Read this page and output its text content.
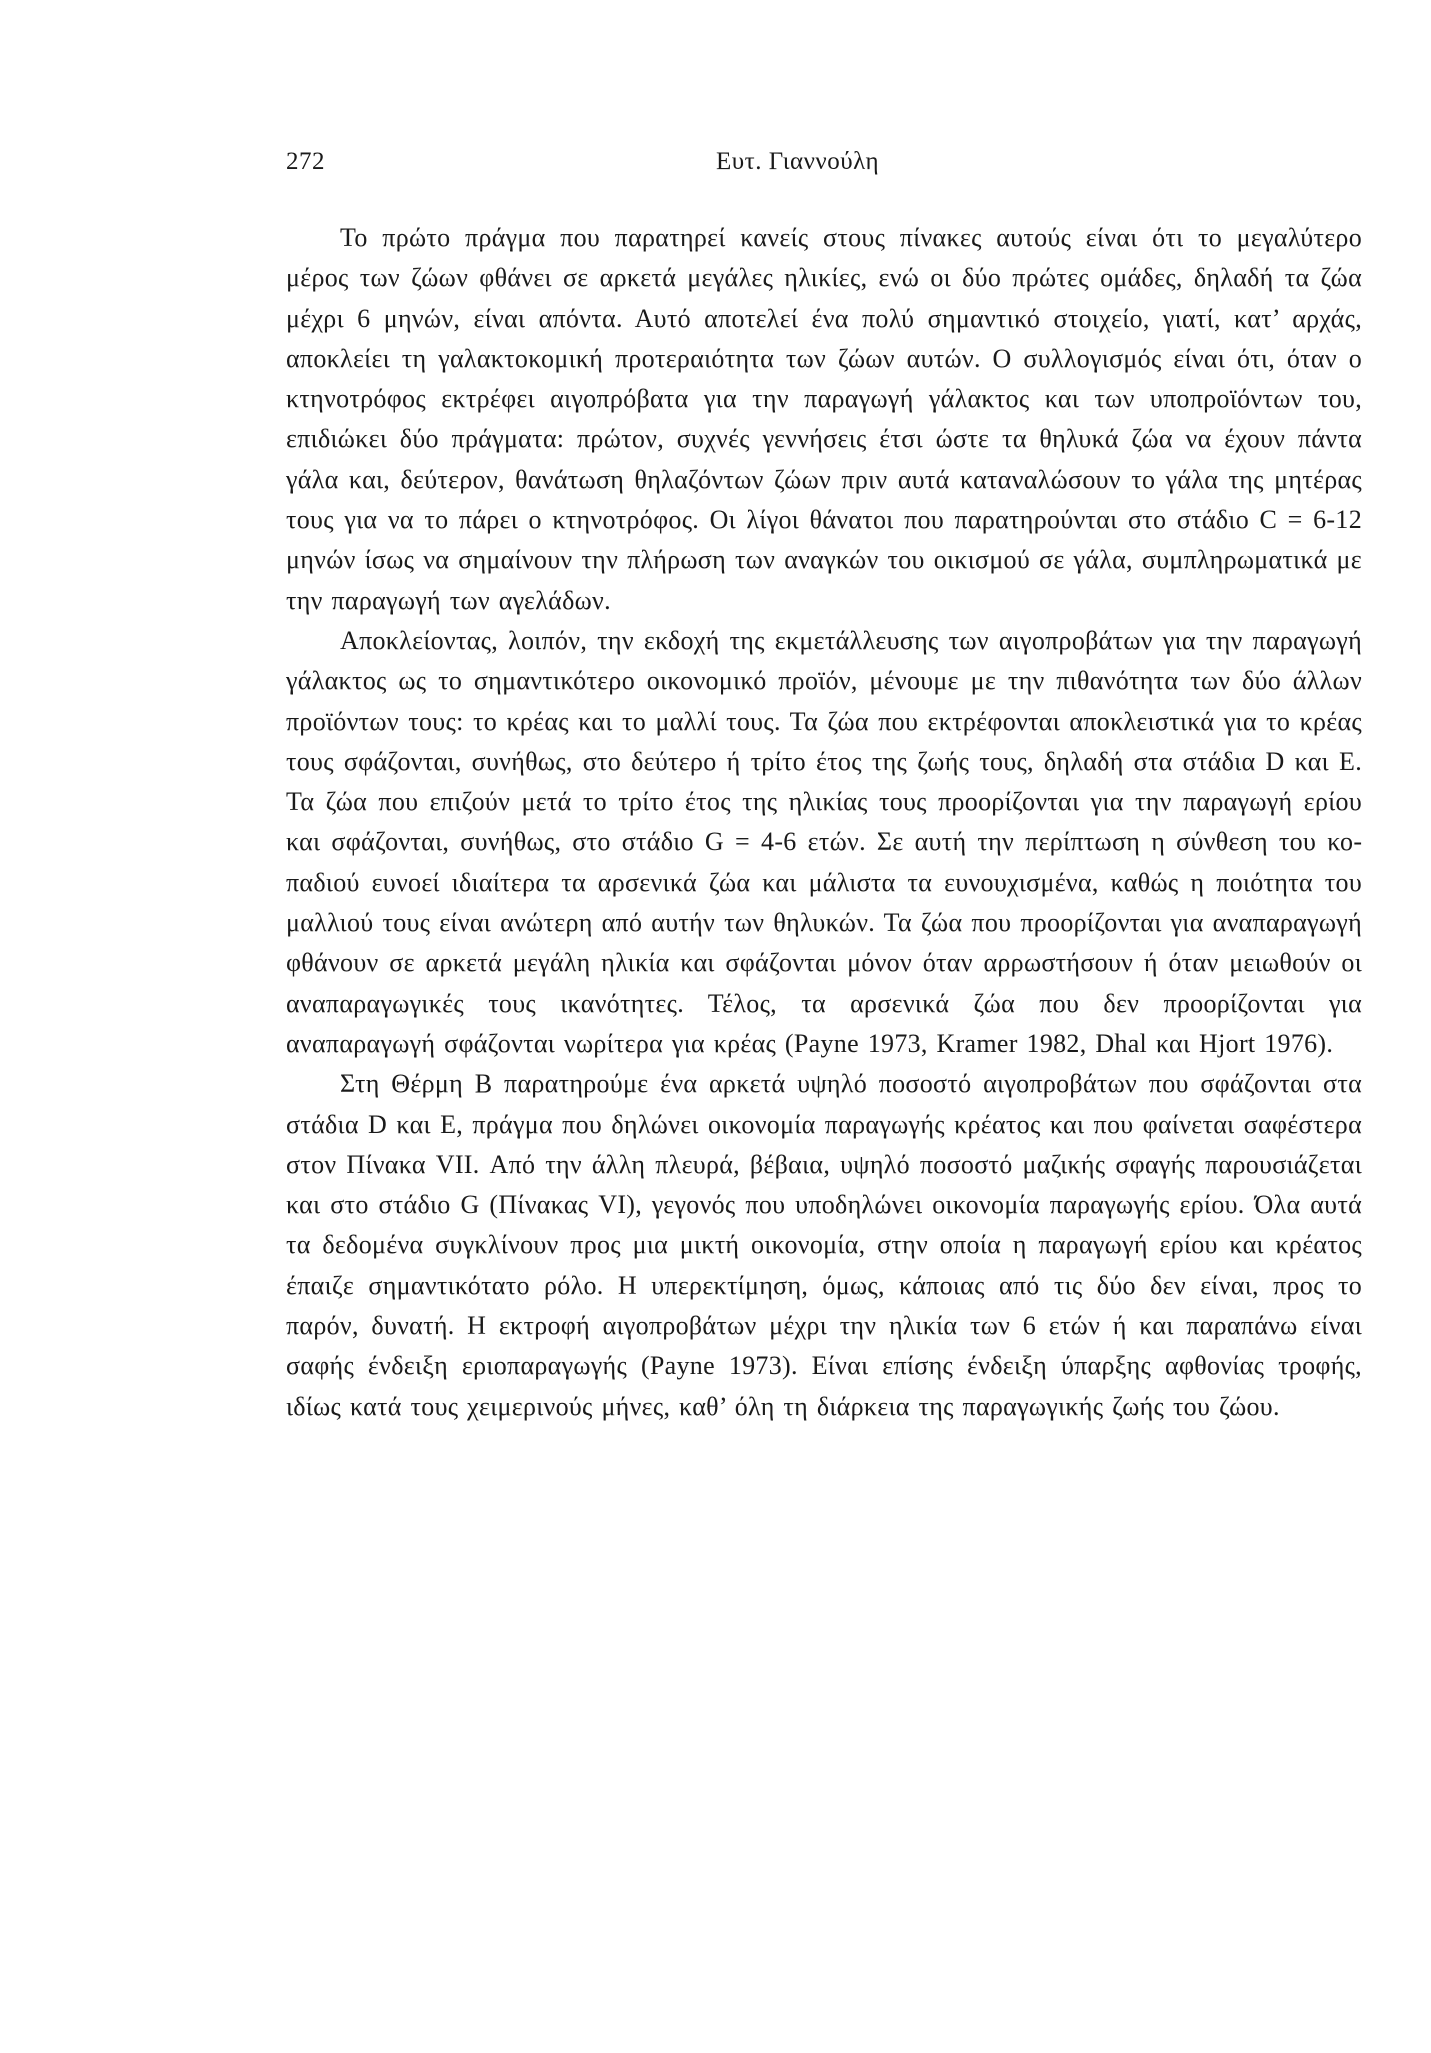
272	Ευτ. Γιαννούλη

Το πρώτο πράγμα που παρατηρεί κανείς στους πίνακες αυτούς είναι ότι το μεγαλύτερο μέρος των ζώων φθάνει σε αρκετά μεγάλες ηλικίες, ενώ οι δύο πρώτες ομάδες, δηλαδή τα ζώα μέχρι 6 μηνών, είναι απόντα. Αυτό αποτελεί ένα πολύ σημαντικό στοιχείο, γιατί, κατ’ αρχάς, αποκλείει τη γαλακτοκομική προτεραιότητα των ζώων αυτών. Ο συλλογισμός είναι ότι, όταν ο κτηνοτρόφος εκτρέφει αιγοπρόβατα για την παραγωγή γάλακτος και των υποπροϊόντων του, επιδιώκει δύο πράγματα: πρώτον, συχνές γεννήσεις έτσι ώστε τα θηλυκά ζώα να έχουν πάντα γάλα και, δεύτερον, θανάτωση θηλαζόντων ζώων πριν αυτά καταναλώσουν το γάλα της μητέρας τους για να το πάρει ο κτηνοτρόφος. Οι λίγοι θάνατοι που παρατηρούνται στο στάδιο C = 6-12 μηνών ίσως να σημαίνουν την πλήρωση των αναγκών του οικισμού σε γάλα, συμπληρωματικά με την παραγωγή των αγελάδων.

Αποκλείοντας, λοιπόν, την εκδοχή της εκμετάλλευσης των αιγοπροβάτων για την παραγωγή γάλακτος ως το σημαντικότερο οικονομικό προϊόν, μένουμε με την πιθανότητα των δύο άλλων προϊόντων τους: το κρέας και το μαλλί τους. Τα ζώα που εκτρέφονται αποκλειστικά για το κρέας τους σφάζονται, συνήθως, στο δεύτερο ή τρίτο έτος της ζωής τους, δηλαδή στα στάδια D και E. Τα ζώα που επιζούν μετά το τρίτο έτος της ηλικίας τους προορίζονται για την παραγωγή ερίου και σφάζονται, συνήθως, στο στάδιο G = 4-6 ετών. Σε αυτή την περίπτωση η σύνθεση του κοπαδιού ευνοεί ιδιαίτερα τα αρσενικά ζώα και μάλιστα τα ευνουχισμένα, καθώς η ποιότητα του μαλλιού τους είναι ανώτερη από αυτήν των θηλυκών. Τα ζώα που προορίζονται για αναπαραγωγή φθάνουν σε αρκετά μεγάλη ηλικία και σφάζονται μόνον όταν αρρωστήσουν ή όταν μειωθούν οι αναπαραγωγικές τους ικανότητες. Τέλος, τα αρσενικά ζώα που δεν προορίζονται για αναπαραγωγή σφάζονται νωρίτερα για κρέας (Payne 1973, Kramer 1982, Dhal και Hjort 1976).

Στη Θέρμη Β παρατηρούμε ένα αρκετά υψηλό ποσοστό αιγοπροβάτων που σφάζονται στα στάδια D και E, πράγμα που δηλώνει οικονομία παραγωγής κρέατος και που φαίνεται σαφέστερα στον Πίνακα VII. Από την άλλη πλευρά, βέβαια, υψηλό ποσοστό μαζικής σφαγής παρουσιάζεται και στο στάδιο G (Πίνακας VI), γεγονός που υποδηλώνει οικονομία παραγωγής ερίου. Όλα αυτά τα δεδομένα συγκλίνουν προς μια μικτή οικονομία, στην οποία η παραγωγή ερίου και κρέατος έπαιζε σημαντικότατο ρόλο. Η υπερεκτίμηση, όμως, κάποιας από τις δύο δεν είναι, προς το παρόν, δυνατή. Η εκτροφή αιγοπροβάτων μέχρι την ηλικία των 6 ετών ή και παραπάνω είναι σαφής ένδειξη εριοπαραγωγής (Payne 1973). Είναι επίσης ένδειξη ύπαρξης αφθονίας τροφής, ιδίως κατά τους χειμερινούς μήνες, καθ’ όλη τη διάρκεια της παραγωγικής ζωής του ζώου.
